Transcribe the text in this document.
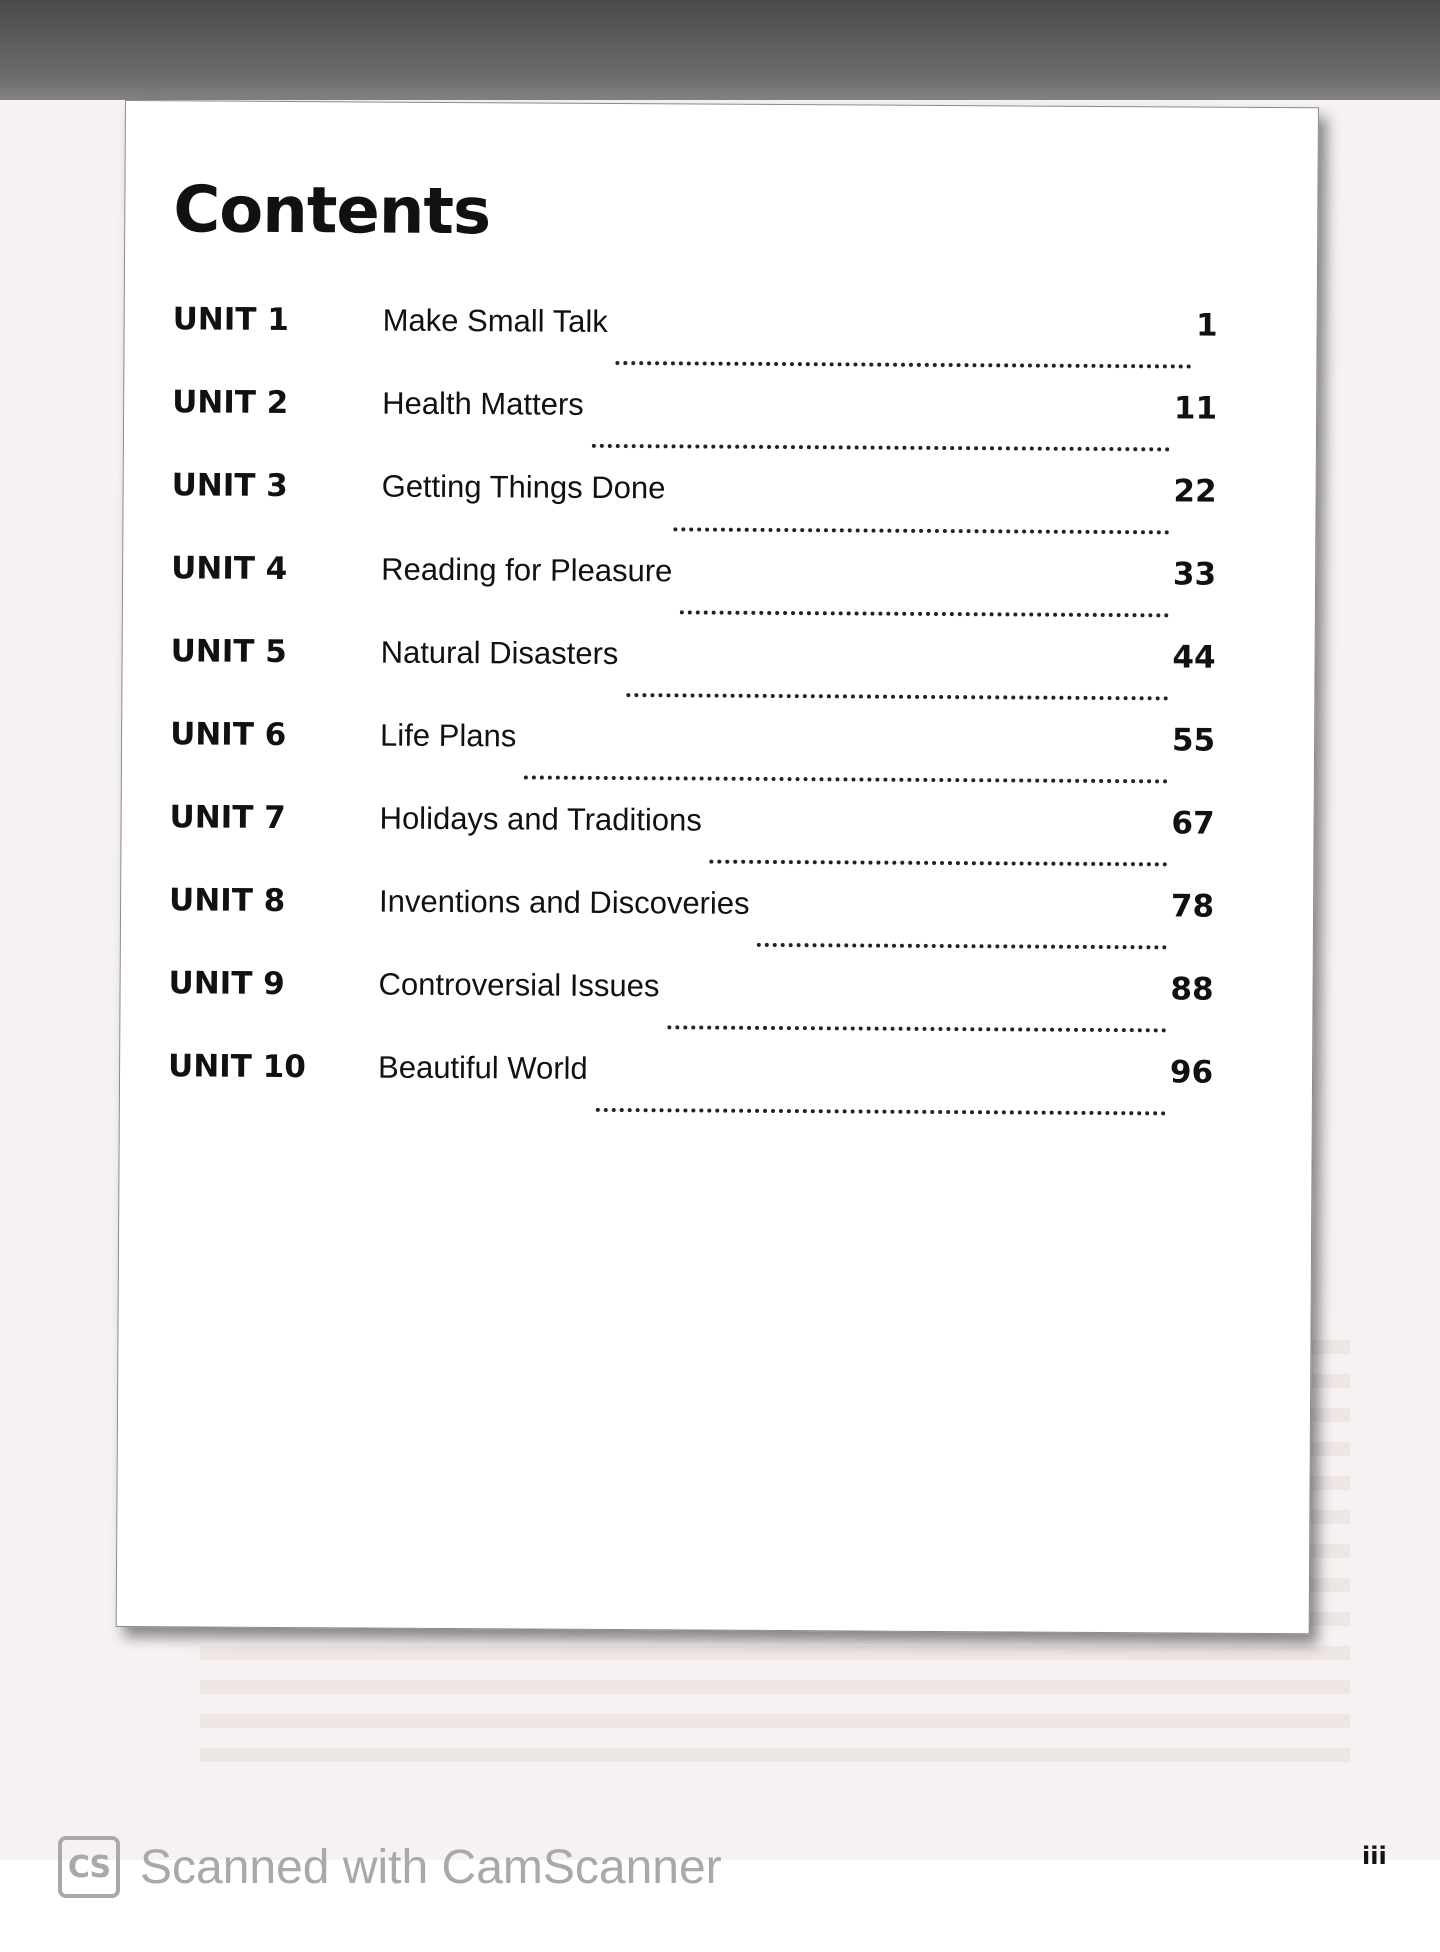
Contents
UNIT 1	Make Small Talk	1
UNIT 2	Health Matters	11
UNIT 3	Getting Things Done	22
UNIT 4	Reading for Pleasure	33
UNIT 5	Natural Disasters	44
UNIT 6	Life Plans	55
UNIT 7	Holidays and Traditions	67
UNIT 8	Inventions and Discoveries	78
UNIT 9	Controversial Issues	88
UNIT 10	Beautiful World	96
CS Scanned with CamScanner	iii
